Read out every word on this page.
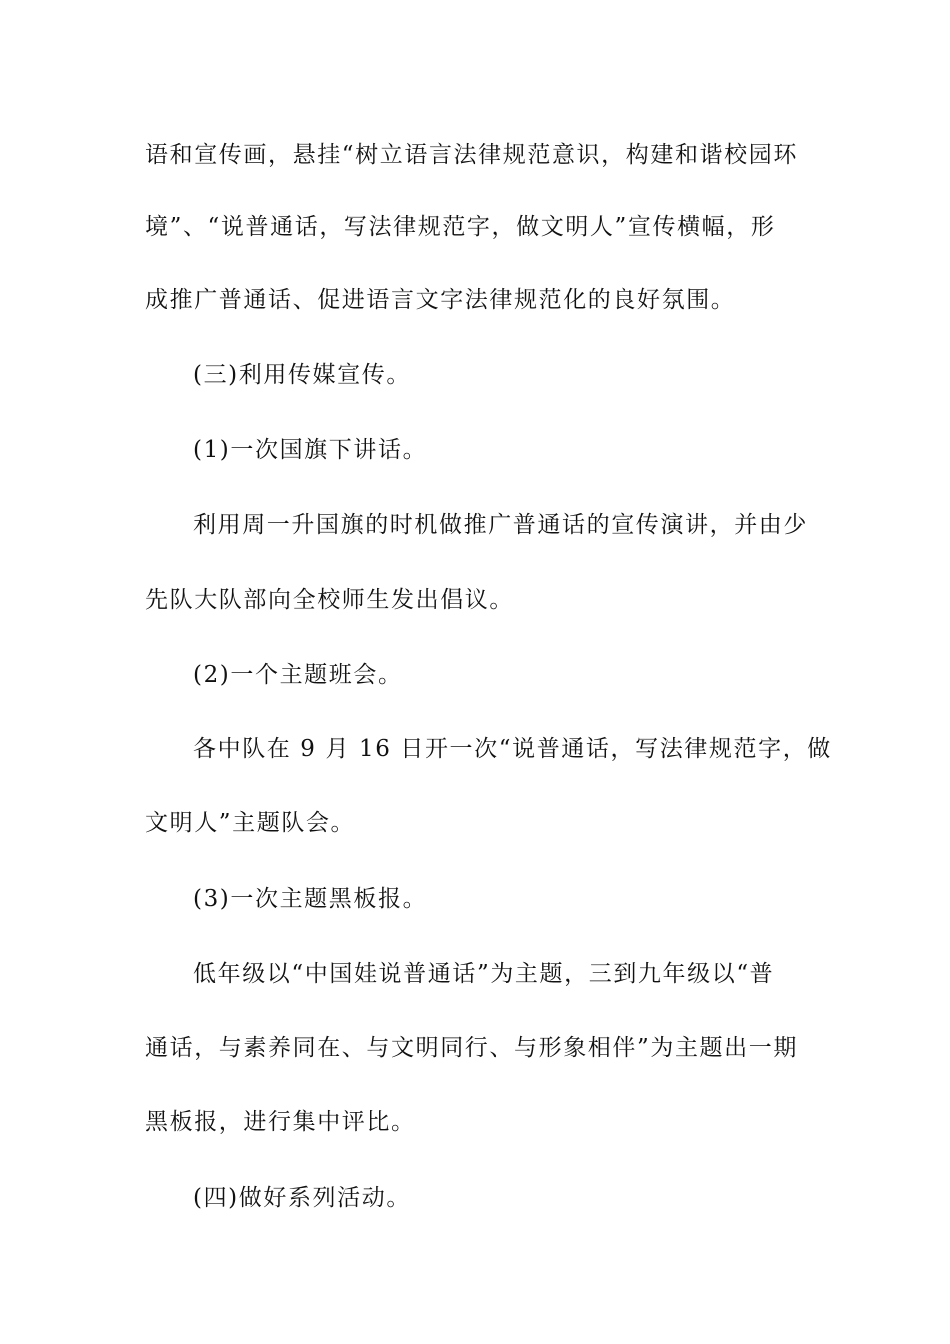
语和宣传画，悬挂“树立语言法律规范意识，构建和谐校园环
境”、“说普通话，写法律规范字，做文明人”宣传横幅，形
成推广普通话、促进语言文字法律规范化的良好氛围。
(三)利用传媒宣传。
(1)一次国旗下讲话。
利用周一升国旗的时机做推广普通话的宣传演讲，并由少
先队大队部向全校师生发出倡议。
(2)一个主题班会。
各中队在 9 月 16 日开一次“说普通话，写法律规范字，做
文明人”主题队会。
(3)一次主题黑板报。
低年级以“中国娃说普通话”为主题，三到九年级以“普
通话，与素养同在、与文明同行、与形象相伴”为主题出一期
黑板报，进行集中评比。
(四)做好系列活动。
